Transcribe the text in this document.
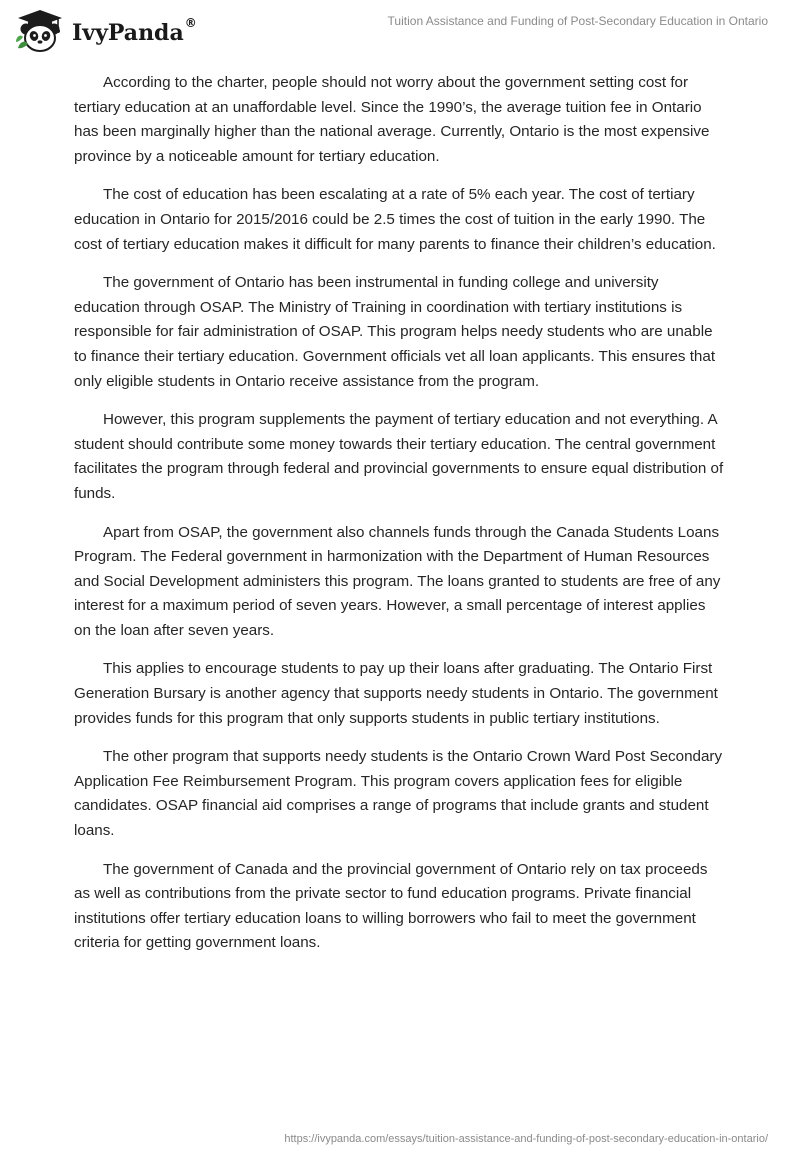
IvyPanda®	Tuition Assistance and Funding of Post-Secondary Education in Ontario

According to the charter, people should not worry about the government setting cost for tertiary education at an unaffordable level. Since the 1990’s, the average tuition fee in Ontario has been marginally higher than the national average. Currently, Ontario is the most expensive province by a noticeable amount for tertiary education.

The cost of education has been escalating at a rate of 5% each year. The cost of tertiary education in Ontario for 2015/2016 could be 2.5 times the cost of tuition in the early 1990. The cost of tertiary education makes it difficult for many parents to finance their children’s education.

The government of Ontario has been instrumental in funding college and university education through OSAP. The Ministry of Training in coordination with tertiary institutions is responsible for fair administration of OSAP. This program helps needy students who are unable to finance their tertiary education. Government officials vet all loan applicants. This ensures that only eligible students in Ontario receive assistance from the program.

However, this program supplements the payment of tertiary education and not everything. A student should contribute some money towards their tertiary education. The central government facilitates the program through federal and provincial governments to ensure equal distribution of funds.

Apart from OSAP, the government also channels funds through the Canada Students Loans Program. The Federal government in harmonization with the Department of Human Resources and Social Development administers this program. The loans granted to students are free of any interest for a maximum period of seven years. However, a small percentage of interest applies on the loan after seven years.

This applies to encourage students to pay up their loans after graduating. The Ontario First Generation Bursary is another agency that supports needy students in Ontario. The government provides funds for this program that only supports students in public tertiary institutions.

The other program that supports needy students is the Ontario Crown Ward Post Secondary Application Fee Reimbursement Program. This program covers application fees for eligible candidates. OSAP financial aid comprises a range of programs that include grants and student loans.

The government of Canada and the provincial government of Ontario rely on tax proceeds as well as contributions from the private sector to fund education programs. Private financial institutions offer tertiary education loans to willing borrowers who fail to meet the government criteria for getting government loans.

https://ivypanda.com/essays/tuition-assistance-and-funding-of-post-secondary-education-in-ontario/
